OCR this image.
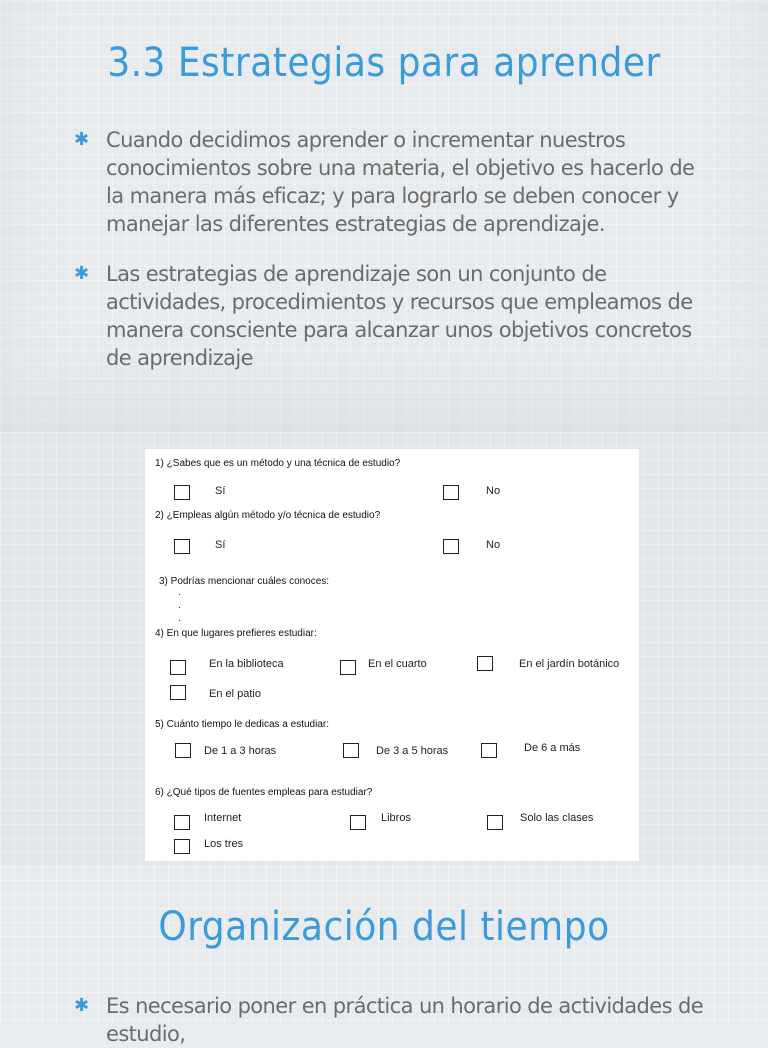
3.3 Estrategias para aprender
✱ Cuando decidimos aprender o incrementar nuestros conocimientos sobre una materia, el objetivo es hacerlo de la manera más eficaz; y para lograrlo se deben conocer y manejar las diferentes estrategias de aprendizaje.
✱ Las estrategias de aprendizaje son un conjunto de actividades, procedimientos y recursos que empleamos de manera consciente para alcanzar unos objetivos concretos de aprendizaje
1) ¿Sabes que es un método y una técnica de estudio?
Sí	No
2) ¿Empleas algún método y/o técnica de estudio?
Sí	No
3) Podrías mencionar cuáles conoces:
·
·
·
4) En que lugares prefieres estudiar:
En la biblioteca	En el cuarto	En el jardín botánico
En el patio
5) Cuánto tiempo le dedicas a estudiar:
De 1 a 3 horas	De 3 a 5 horas	De 6 a más
6) ¿Qué tipos de fuentes empleas para estudiar?
Internet	Libros	Solo las clases
Los tres
Organización del tiempo
✱ Es necesario poner en práctica un horario de actividades de estudio,
